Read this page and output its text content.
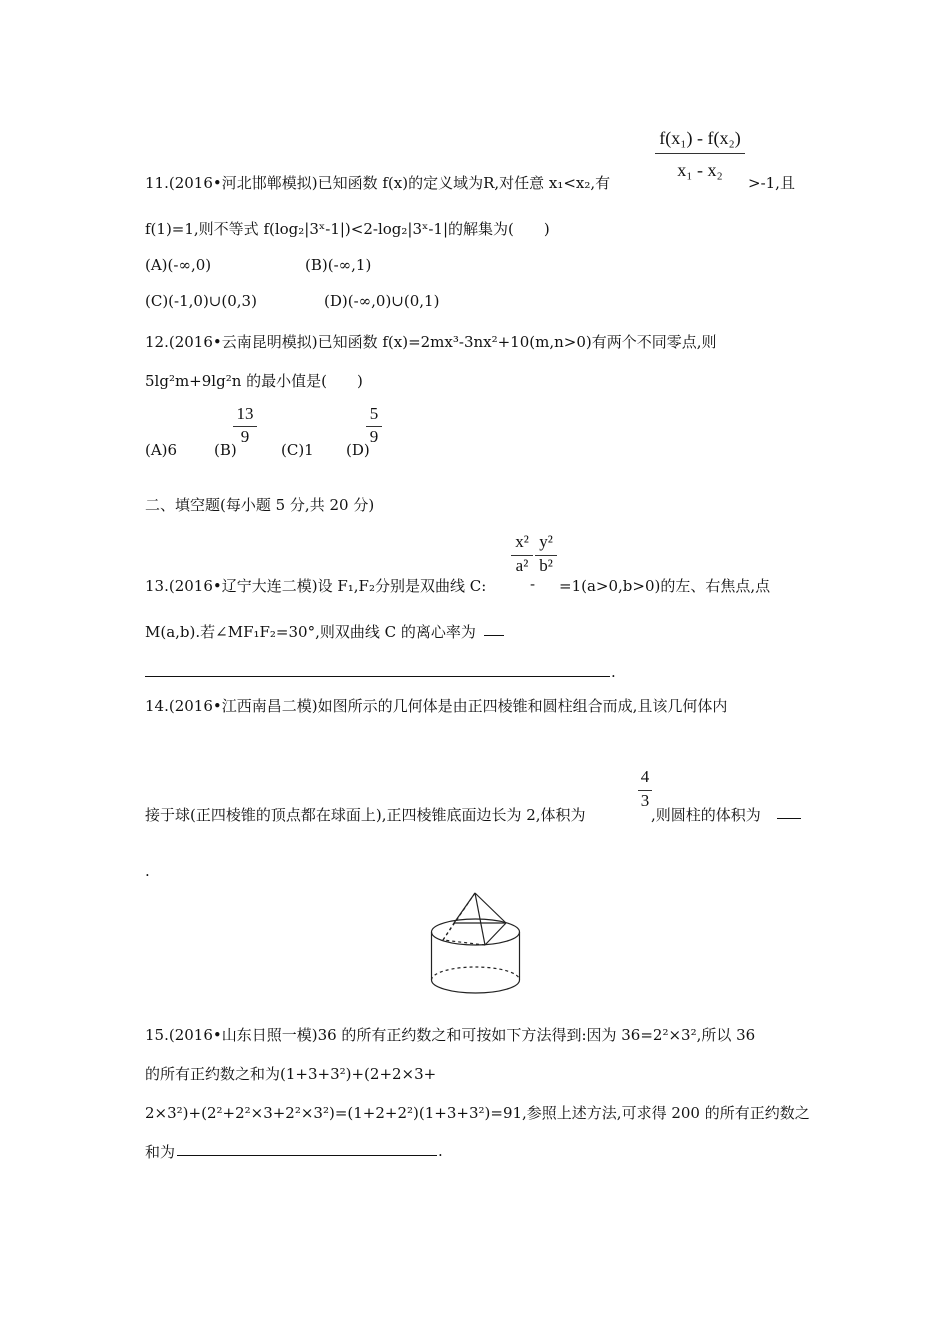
f(x₁) - f(x₂)
x₁ - x₂
11.(2016•河北邯郸模拟)已知函数 f(x)的定义域为R,对任意 x₁<x₂,有	>-1,且
f(1)=1,则不等式 f(log₂|3ˣ-1|)<2-log₂|3ˣ-1|的解集为(　　)
(A)(-∞,0)	(B)(-∞,1)
(C)(-1,0)∪(0,3)	(D)(-∞,0)∪(0,1)
12.(2016•云南昆明模拟)已知函数 f(x)=2mx³-3nx²+10(m,n>0)有两个不同零点,则
5lg²m+9lg²n 的最小值是(　　)
(A)6 (B)
13
9
(C)1 (D)
5
9
二、填空题(每小题 5 分,共 20 分)
x²
a²
y²
b²
13.(2016•辽宁大连二模)设 F₁,F₂分别是双曲线 C:	- =1(a>0,b>0)的左、右焦点,点
M(a,b).若∠MF₁F₂=30°,则双曲线 C 的离心率为
.
14.(2016•江西南昌二模)如图所示的几何体是由正四棱锥和圆柱组合而成,且该几何体内
4
3
接于球(正四棱锥的顶点都在球面上),正四棱锥底面边长为 2,体积为	,则圆柱的体积为
.
15.(2016•山东日照一模)36 的所有正约数之和可按如下方法得到:因为 36=2²×3²,所以 36
的所有正约数之和为(1+3+3²)+(2+2×3+
2×3²)+(2²+2²×3+2²×3²)=(1+2+2²)(1+3+3²)=91,参照上述方法,可求得 200 的所有正约数之
和为	.
